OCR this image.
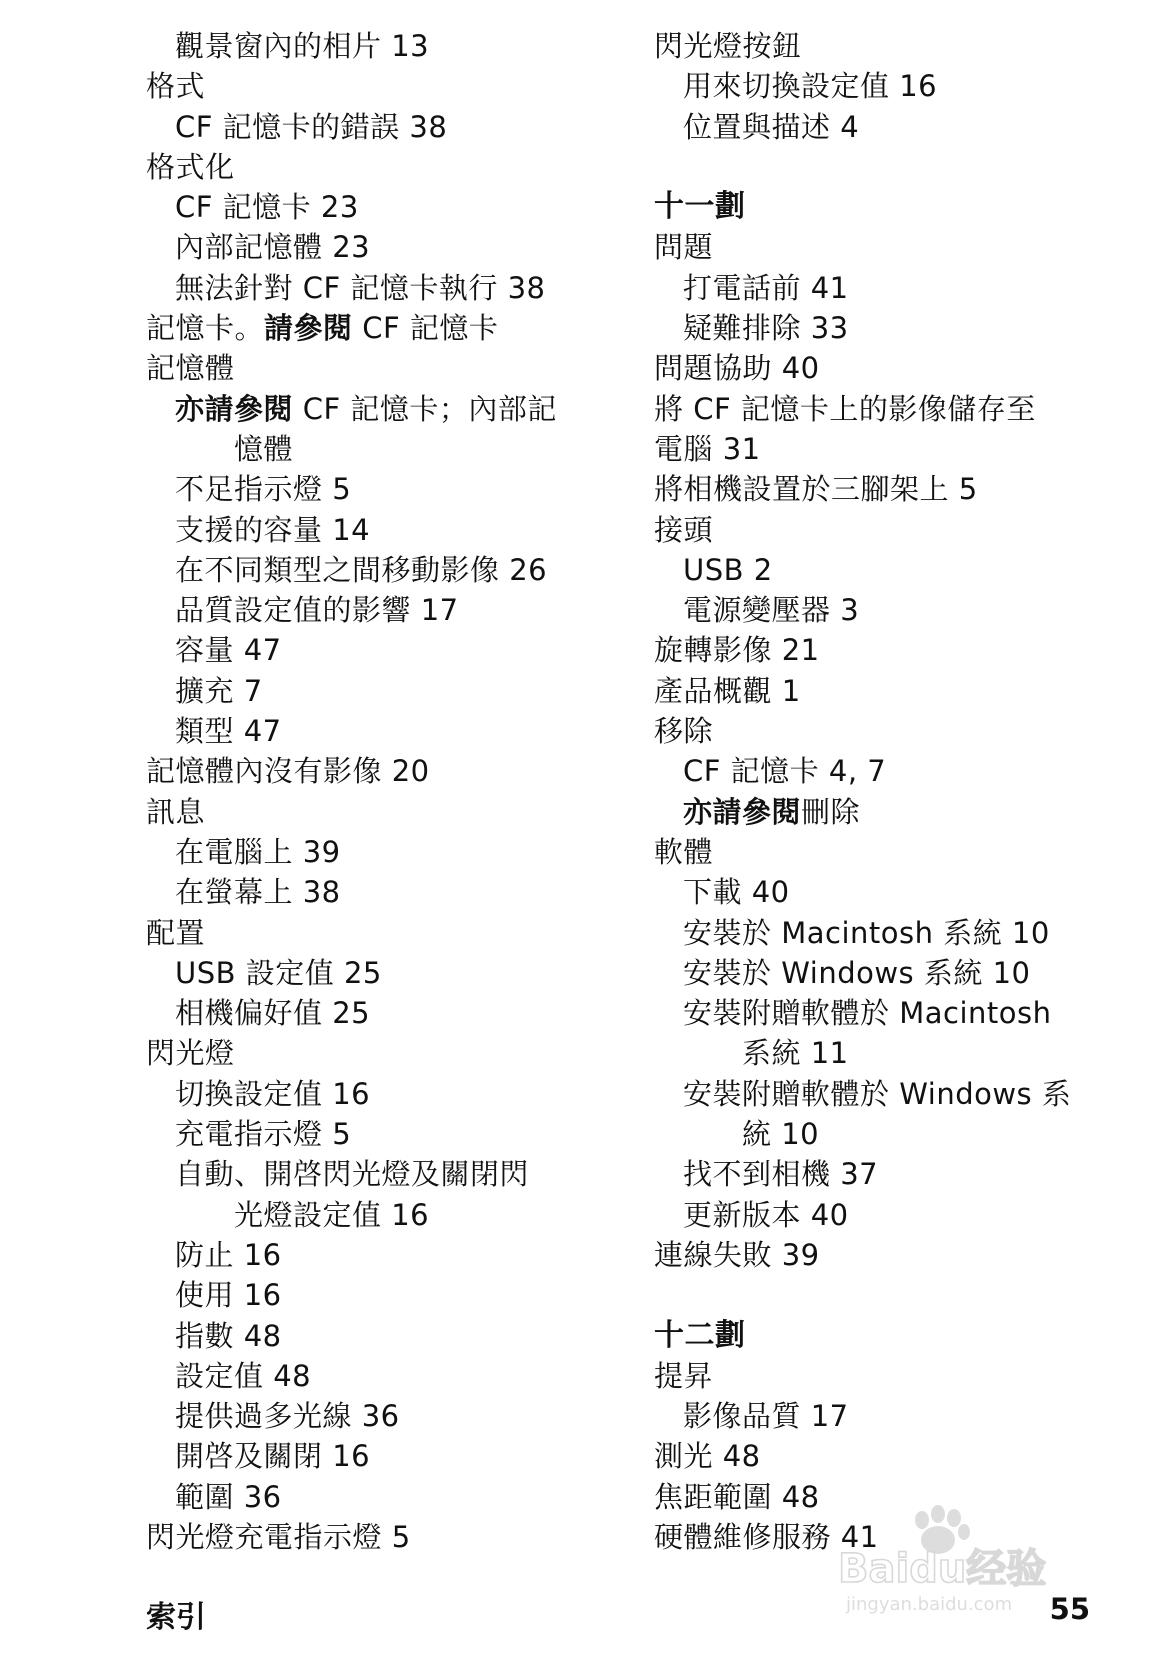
觀景窗內的相片 13
格式
CF 記憶卡的錯誤 38
格式化
CF 記憶卡 23
內部記憶體 23
無法針對 CF 記憶卡執行 38
記憶卡。請參閱 CF 記憶卡
記憶體
亦請參閱 CF 記憶卡；內部記
憶體
不足指示燈 5
支援的容量 14
在不同類型之間移動影像 26
品質設定值的影響 17
容量 47
擴充 7
類型 47
記憶體內沒有影像 20
訊息
在電腦上 39
在螢幕上 38
配置
USB 設定值 25
相機偏好值 25
閃光燈
切換設定值 16
充電指示燈 5
自動、開啓閃光燈及關閉閃
光燈設定值 16
防止 16
使用 16
指數 48
設定值 48
提供過多光線 36
開啓及關閉 16
範圍 36
閃光燈充電指示燈 5
閃光燈按鈕
用來切換設定值 16
位置與描述 4
十一劃
問題
打電話前 41
疑難排除 33
問題協助 40
將 CF 記憶卡上的影像儲存至
電腦 31
將相機設置於三腳架上 5
接頭
USB 2
電源變壓器 3
旋轉影像 21
產品概觀 1
移除
CF 記憶卡 4, 7
亦請參閱刪除
軟體
下載 40
安裝於 Macintosh 系統 10
安裝於 Windows 系統 10
安裝附贈軟體於 Macintosh
系統 11
安裝附贈軟體於 Windows 系
統 10
找不到相機 37
更新版本 40
連線失敗 39
十二劃
提昇
影像品質 17
測光 48
焦距範圍 48
硬體維修服務 41
索引	55
Baidu经验
jingyan.baidu.com
